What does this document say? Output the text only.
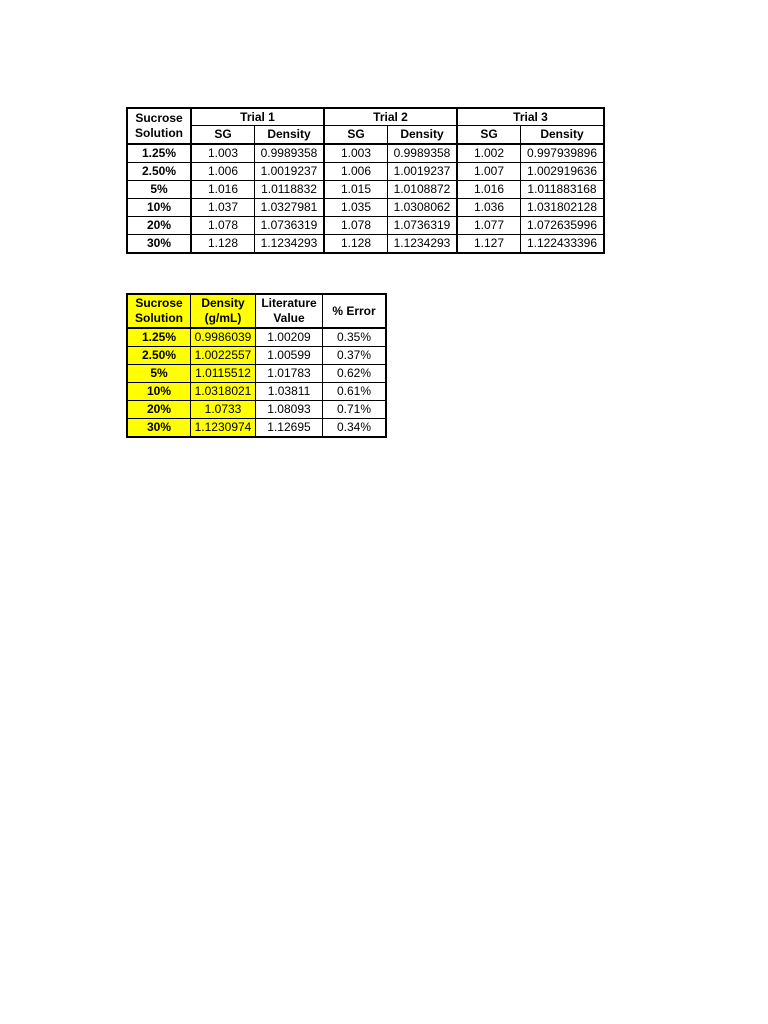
Sucrose Solution	Trial 1		Trial 2		Trial 3	
	SG	Density	SG	Density	SG	Density
1.25%	1.003	0.9989358	1.003	0.9989358	1.002	0.997939896
2.50%	1.006	1.0019237	1.006	1.0019237	1.007	1.002919636
5%	1.016	1.0118832	1.015	1.0108872	1.016	1.011883168
10%	1.037	1.0327981	1.035	1.0308062	1.036	1.031802128
20%	1.078	1.0736319	1.078	1.0736319	1.077	1.072635996
30%	1.128	1.1234293	1.128	1.1234293	1.127	1.122433396
Sucrose Solution	Density (g/mL)	Literature Value	% Error
1.25%	0.9986039	1.00209	0.35%
2.50%	1.0022557	1.00599	0.37%
5%	1.0115512	1.01783	0.62%
10%	1.0318021	1.03811	0.61%
20%	1.0733	1.08093	0.71%
30%	1.1230974	1.12695	0.34%
